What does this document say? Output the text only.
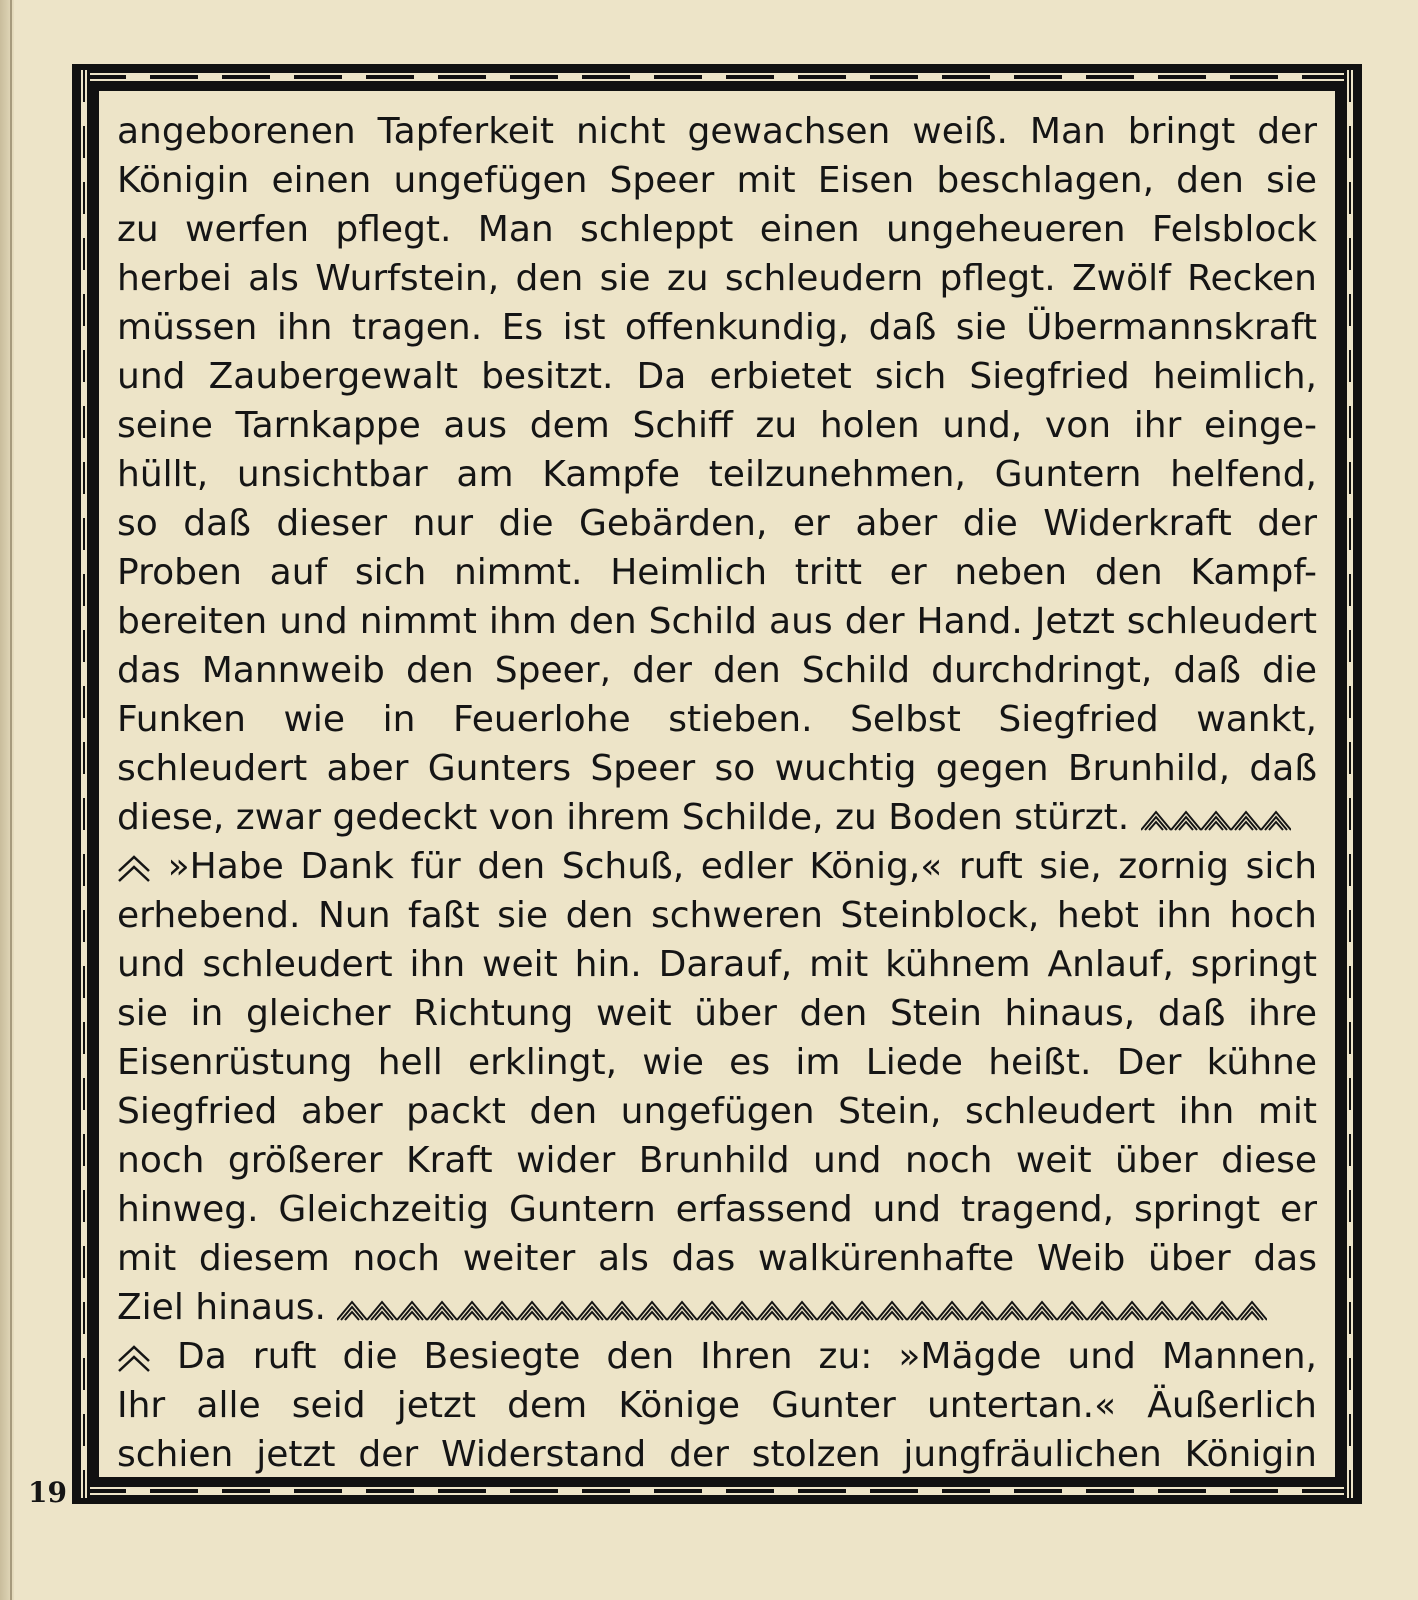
angeborenen Tapferkeit nicht gewachsen weiß. Man bringt der
Königin einen ungefügen Speer mit Eisen beschlagen, den sie
zu werfen pflegt. Man schleppt einen ungeheueren Felsblock
herbei als Wurfstein, den sie zu schleudern pflegt. Zwölf Recken
müssen ihn tragen. Es ist offenkundig, daß sie Übermannskraft
und Zaubergewalt besitzt. Da erbietet sich Siegfried heimlich,
seine Tarnkappe aus dem Schiff zu holen und, von ihr einge-
hüllt, unsichtbar am Kampfe teilzunehmen, Guntern helfend,
so daß dieser nur die Gebärden, er aber die Widerkraft der
Proben auf sich nimmt. Heimlich tritt er neben den Kampf-
bereiten und nimmt ihm den Schild aus der Hand. Jetzt schleudert
das Mannweib den Speer, der den Schild durchdringt, daß die
Funken wie in Feuerlohe stieben. Selbst Siegfried wankt,
schleudert aber Gunters Speer so wuchtig gegen Brunhild, daß
diese, zwar gedeckt von ihrem Schilde, zu Boden stürzt.
»Habe Dank für den Schuß, edler König,« ruft sie, zornig sich
erhebend. Nun faßt sie den schweren Steinblock, hebt ihn hoch
und schleudert ihn weit hin. Darauf, mit kühnem Anlauf, springt
sie in gleicher Richtung weit über den Stein hinaus, daß ihre
Eisenrüstung hell erklingt, wie es im Liede heißt. Der kühne
Siegfried aber packt den ungefügen Stein, schleudert ihn mit
noch größerer Kraft wider Brunhild und noch weit über diese
hinweg. Gleichzeitig Guntern erfassend und tragend, springt er
mit diesem noch weiter als das walkürenhafte Weib über das
Ziel hinaus.
Da ruft die Besiegte den Ihren zu: »Mägde und Mannen,
Ihr alle seid jetzt dem Könige Gunter untertan.« Äußerlich
schien jetzt der Widerstand der stolzen jungfräulichen Königin
19
